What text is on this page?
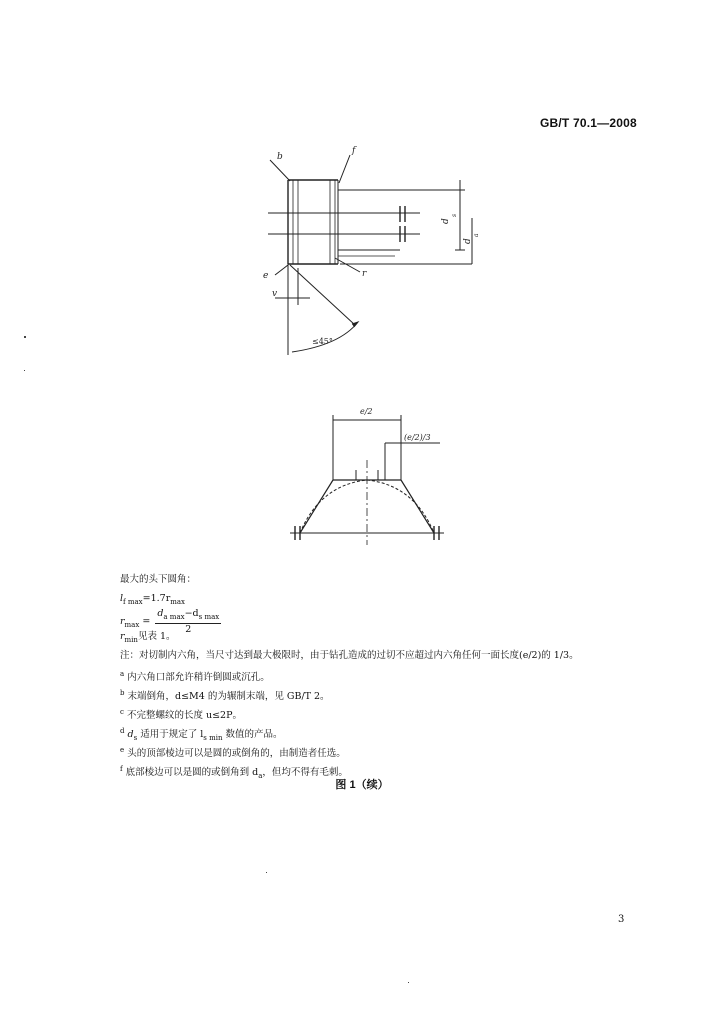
GB/T 70.1—2008
b
f
e
v
r
d
s
d
a
≤45°
e/2
(e/2)/3
最大的头下圆角：
$l_{f max}=1.7r_{max}$
$r_{max} = \frac{d_{a max}-d_{s max}}{2}$
$r_{min}$见表 1。
注：对切制内六角，当尺寸达到最大极限时，由于钻孔造成的过切不应超过内六角任何一面长度(e/2)的 1/3。
$^a$ 内六角口部允许稍许倒圆或沉孔。
$^b$ 末端倒角，d≤M4 的为辗制末端，见 GB/T 2。
$^c$ 不完整螺纹的长度 u≤2P。
$^d$ $d_s$ 适用于规定了 $l_{s min}$ 数值的产品。
$^e$ 头的顶部棱边可以是圆的或倒角的，由制造者任选。
$^f$ 底部棱边可以是圆的或倒角到 $d_a$，但均不得有毛刺。
图 1（续）
3
